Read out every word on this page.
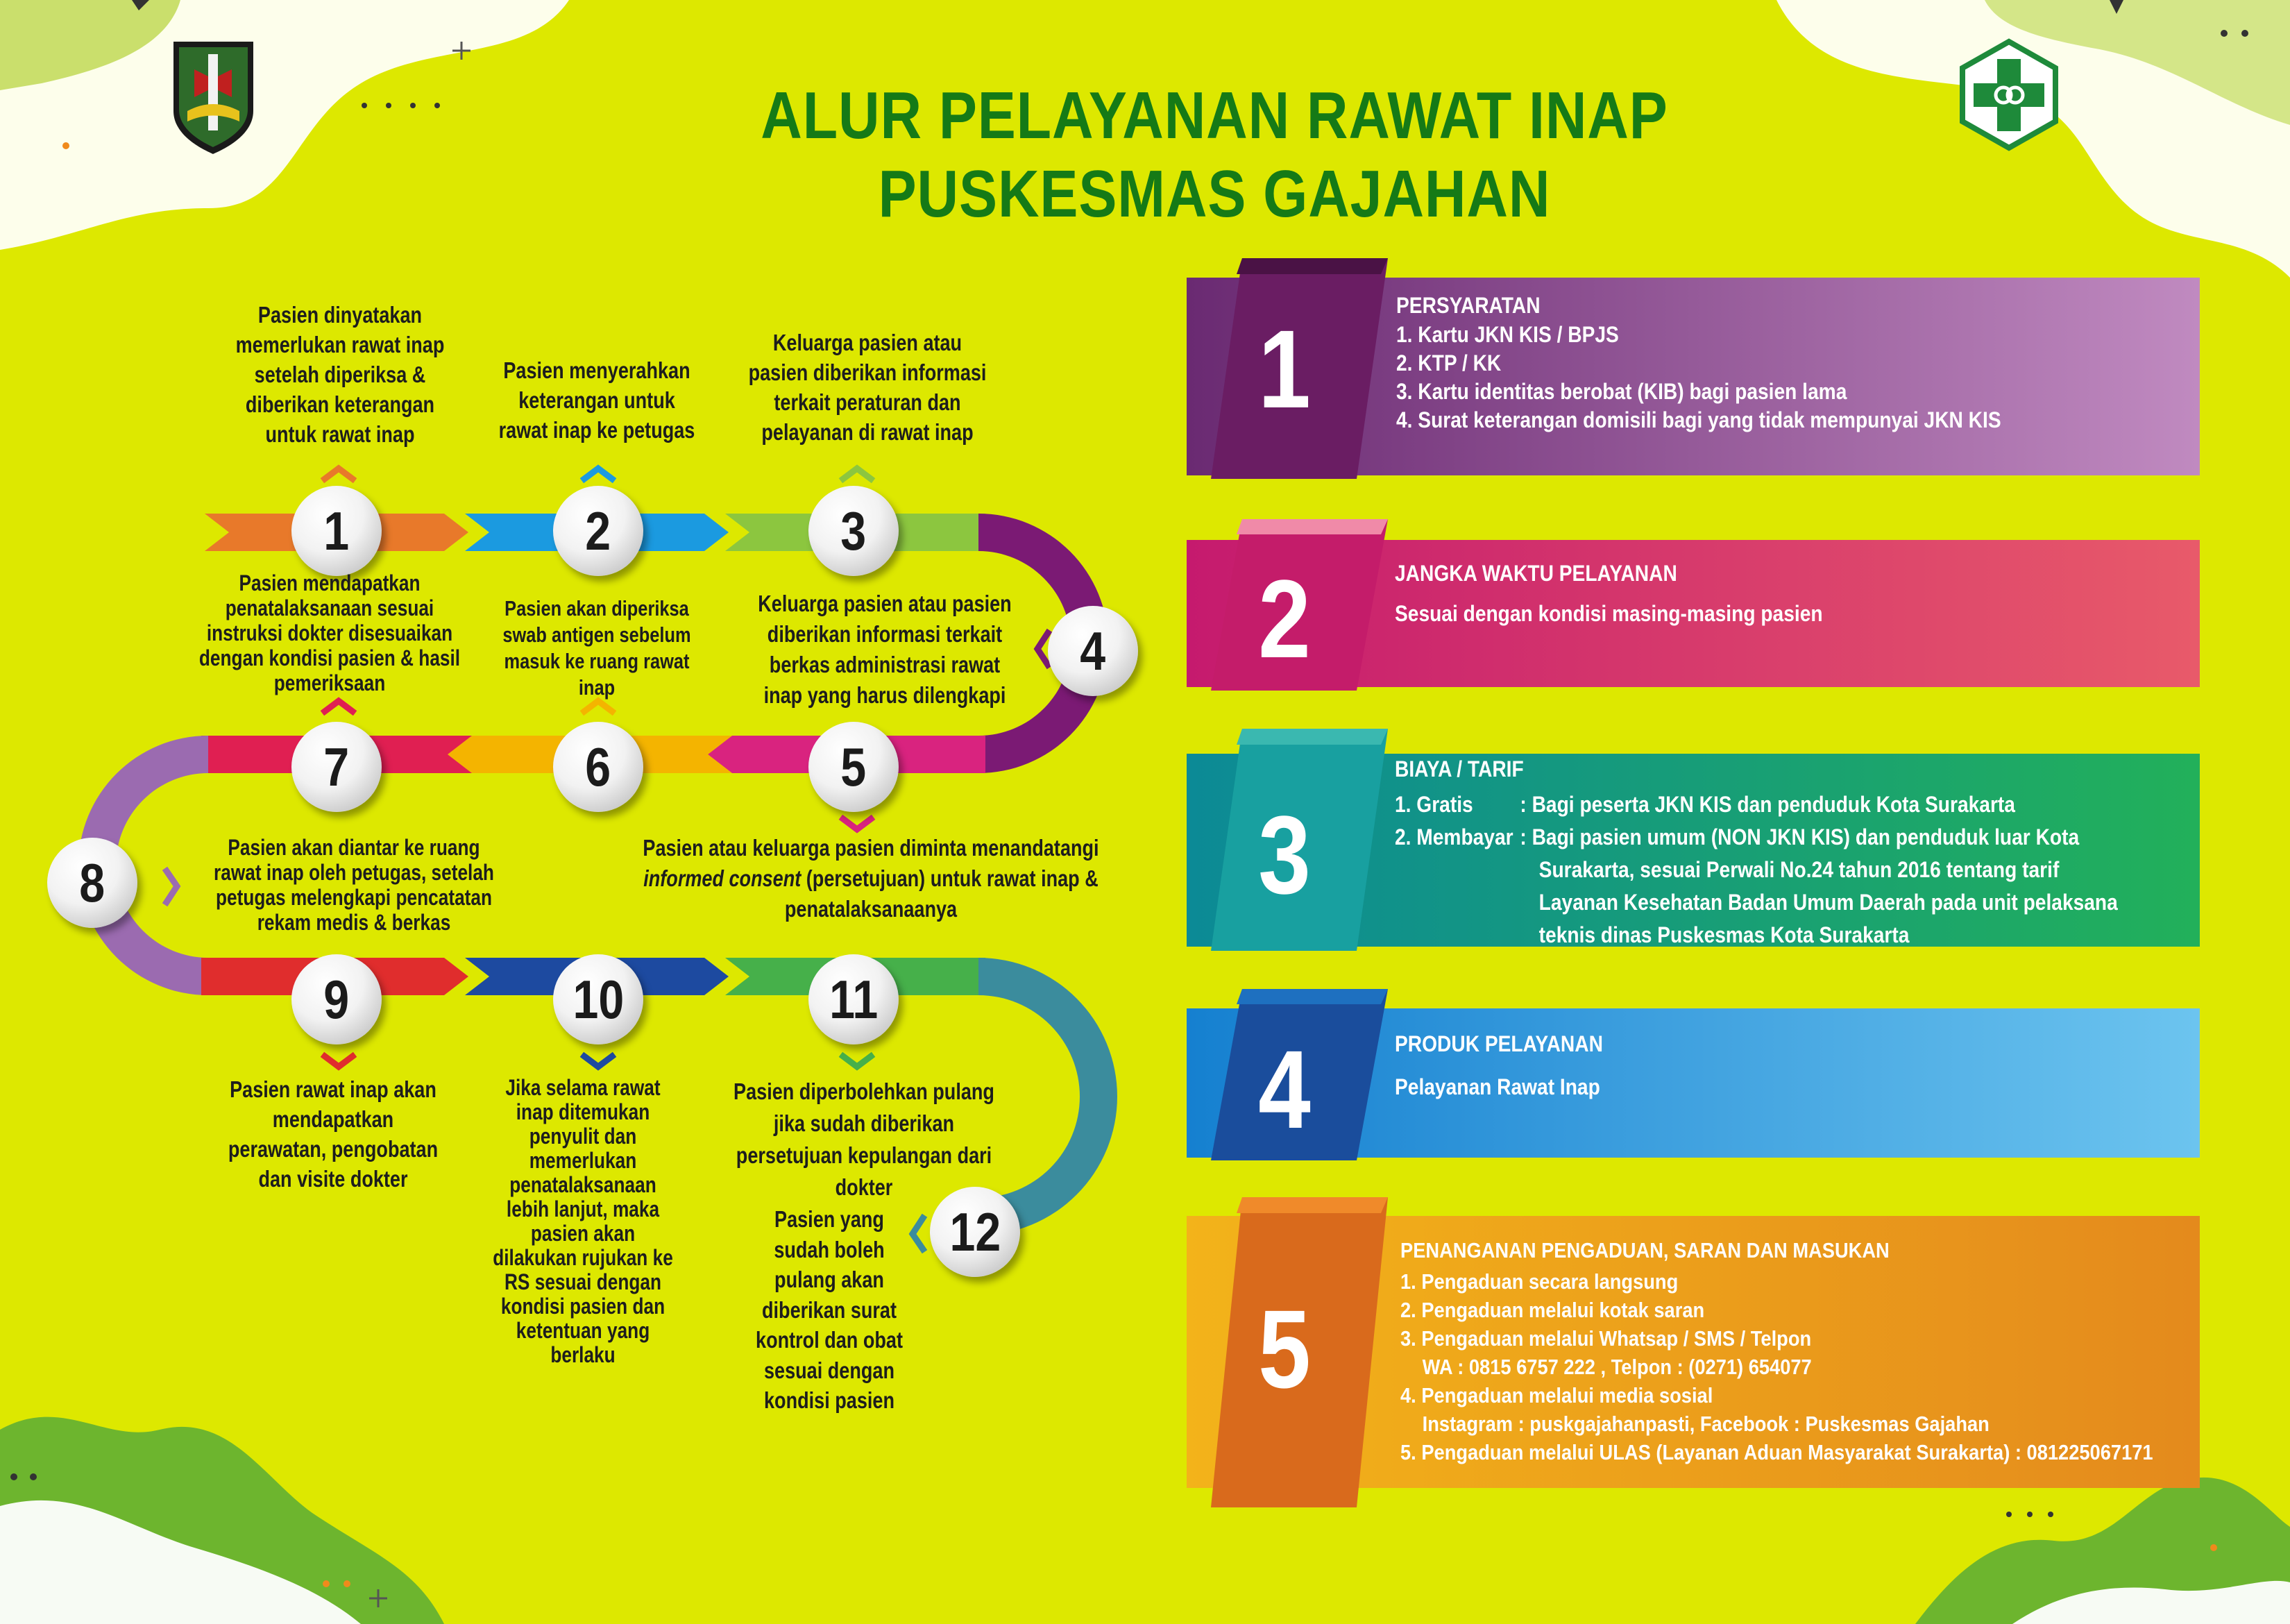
ALUR PELAYANAN RAWAT INAP
PUSKESMAS GAJAHAN
1	2	3
4
5
6
7
8
9	10	11
12
Pasien dinyatakan memerlukan rawat inap setelah diperiksa & diberikan keterangan untuk rawat inap
Pasien menyerahkan keterangan untuk rawat inap ke petugas
Keluarga pasien atau pasien diberikan informasi terkait peraturan dan pelayanan di rawat inap
Keluarga pasien atau pasien diberikan informasi terkait berkas administrasi rawat inap yang harus dilengkapi
Pasien atau keluarga pasien diminta menandatangi informed consent (persetujuan) untuk rawat inap & penatalaksanaanya
Pasien akan diperiksa swab antigen sebelum masuk ke ruang rawat inap
Pasien mendapatkan penatalaksanaan sesuai instruksi dokter disesuaikan dengan kondisi pasien & hasil pemeriksaan
Pasien akan diantar ke ruang rawat inap oleh petugas, setelah petugas melengkapi pencatatan rekam medis & berkas
Pasien rawat inap akan mendapatkan perawatan, pengobatan dan visite dokter
Jika selama rawat inap ditemukan penyulit dan memerlukan penatalaksanaan lebih lanjut, maka pasien akan dilakukan rujukan ke RS sesuai dengan kondisi pasien dan ketentuan yang berlaku
Pasien diperbolehkan pulang jika sudah diberikan persetujuan kepulangan dari dokter
Pasien yang sudah boleh pulang akan diberikan surat kontrol dan obat sesuai dengan kondisi pasien
1
PERSYARATAN
1. Kartu JKN KIS / BPJS
2. KTP / KK
3. Kartu identitas berobat (KIB) bagi pasien lama
4. Surat keterangan domisili bagi yang tidak mempunyai JKN KIS
2	JANGKA WAKTU PELAYANAN
Sesuai dengan kondisi masing-masing pasien
3
BIAYA / TARIF
1. Gratis : Bagi peserta JKN KIS dan penduduk Kota Surakarta
2. Membayar : Bagi pasien umum (NON JKN KIS) dan penduduk luar Kota
Surakarta, sesuai Perwali No.24 tahun 2016 tentang tarif
Layanan Kesehatan Badan Umum Daerah pada unit pelaksana
teknis dinas Puskesmas Kota Surakarta
4	PRODUK PELAYANAN
Pelayanan Rawat Inap
5
PENANGANAN PENGADUAN, SARAN DAN MASUKAN
1. Pengaduan secara langsung
2. Pengaduan melalui kotak saran
3. Pengaduan melalui Whatsap / SMS / Telpon
WA : 0815 6757 222 , Telpon : (0271) 654077
4. Pengaduan melalui media sosial
Instagram : puskgajahanpasti, Facebook : Puskesmas Gajahan
5. Pengaduan melalui ULAS (Layanan Aduan Masyarakat Surakarta) : 081225067171
